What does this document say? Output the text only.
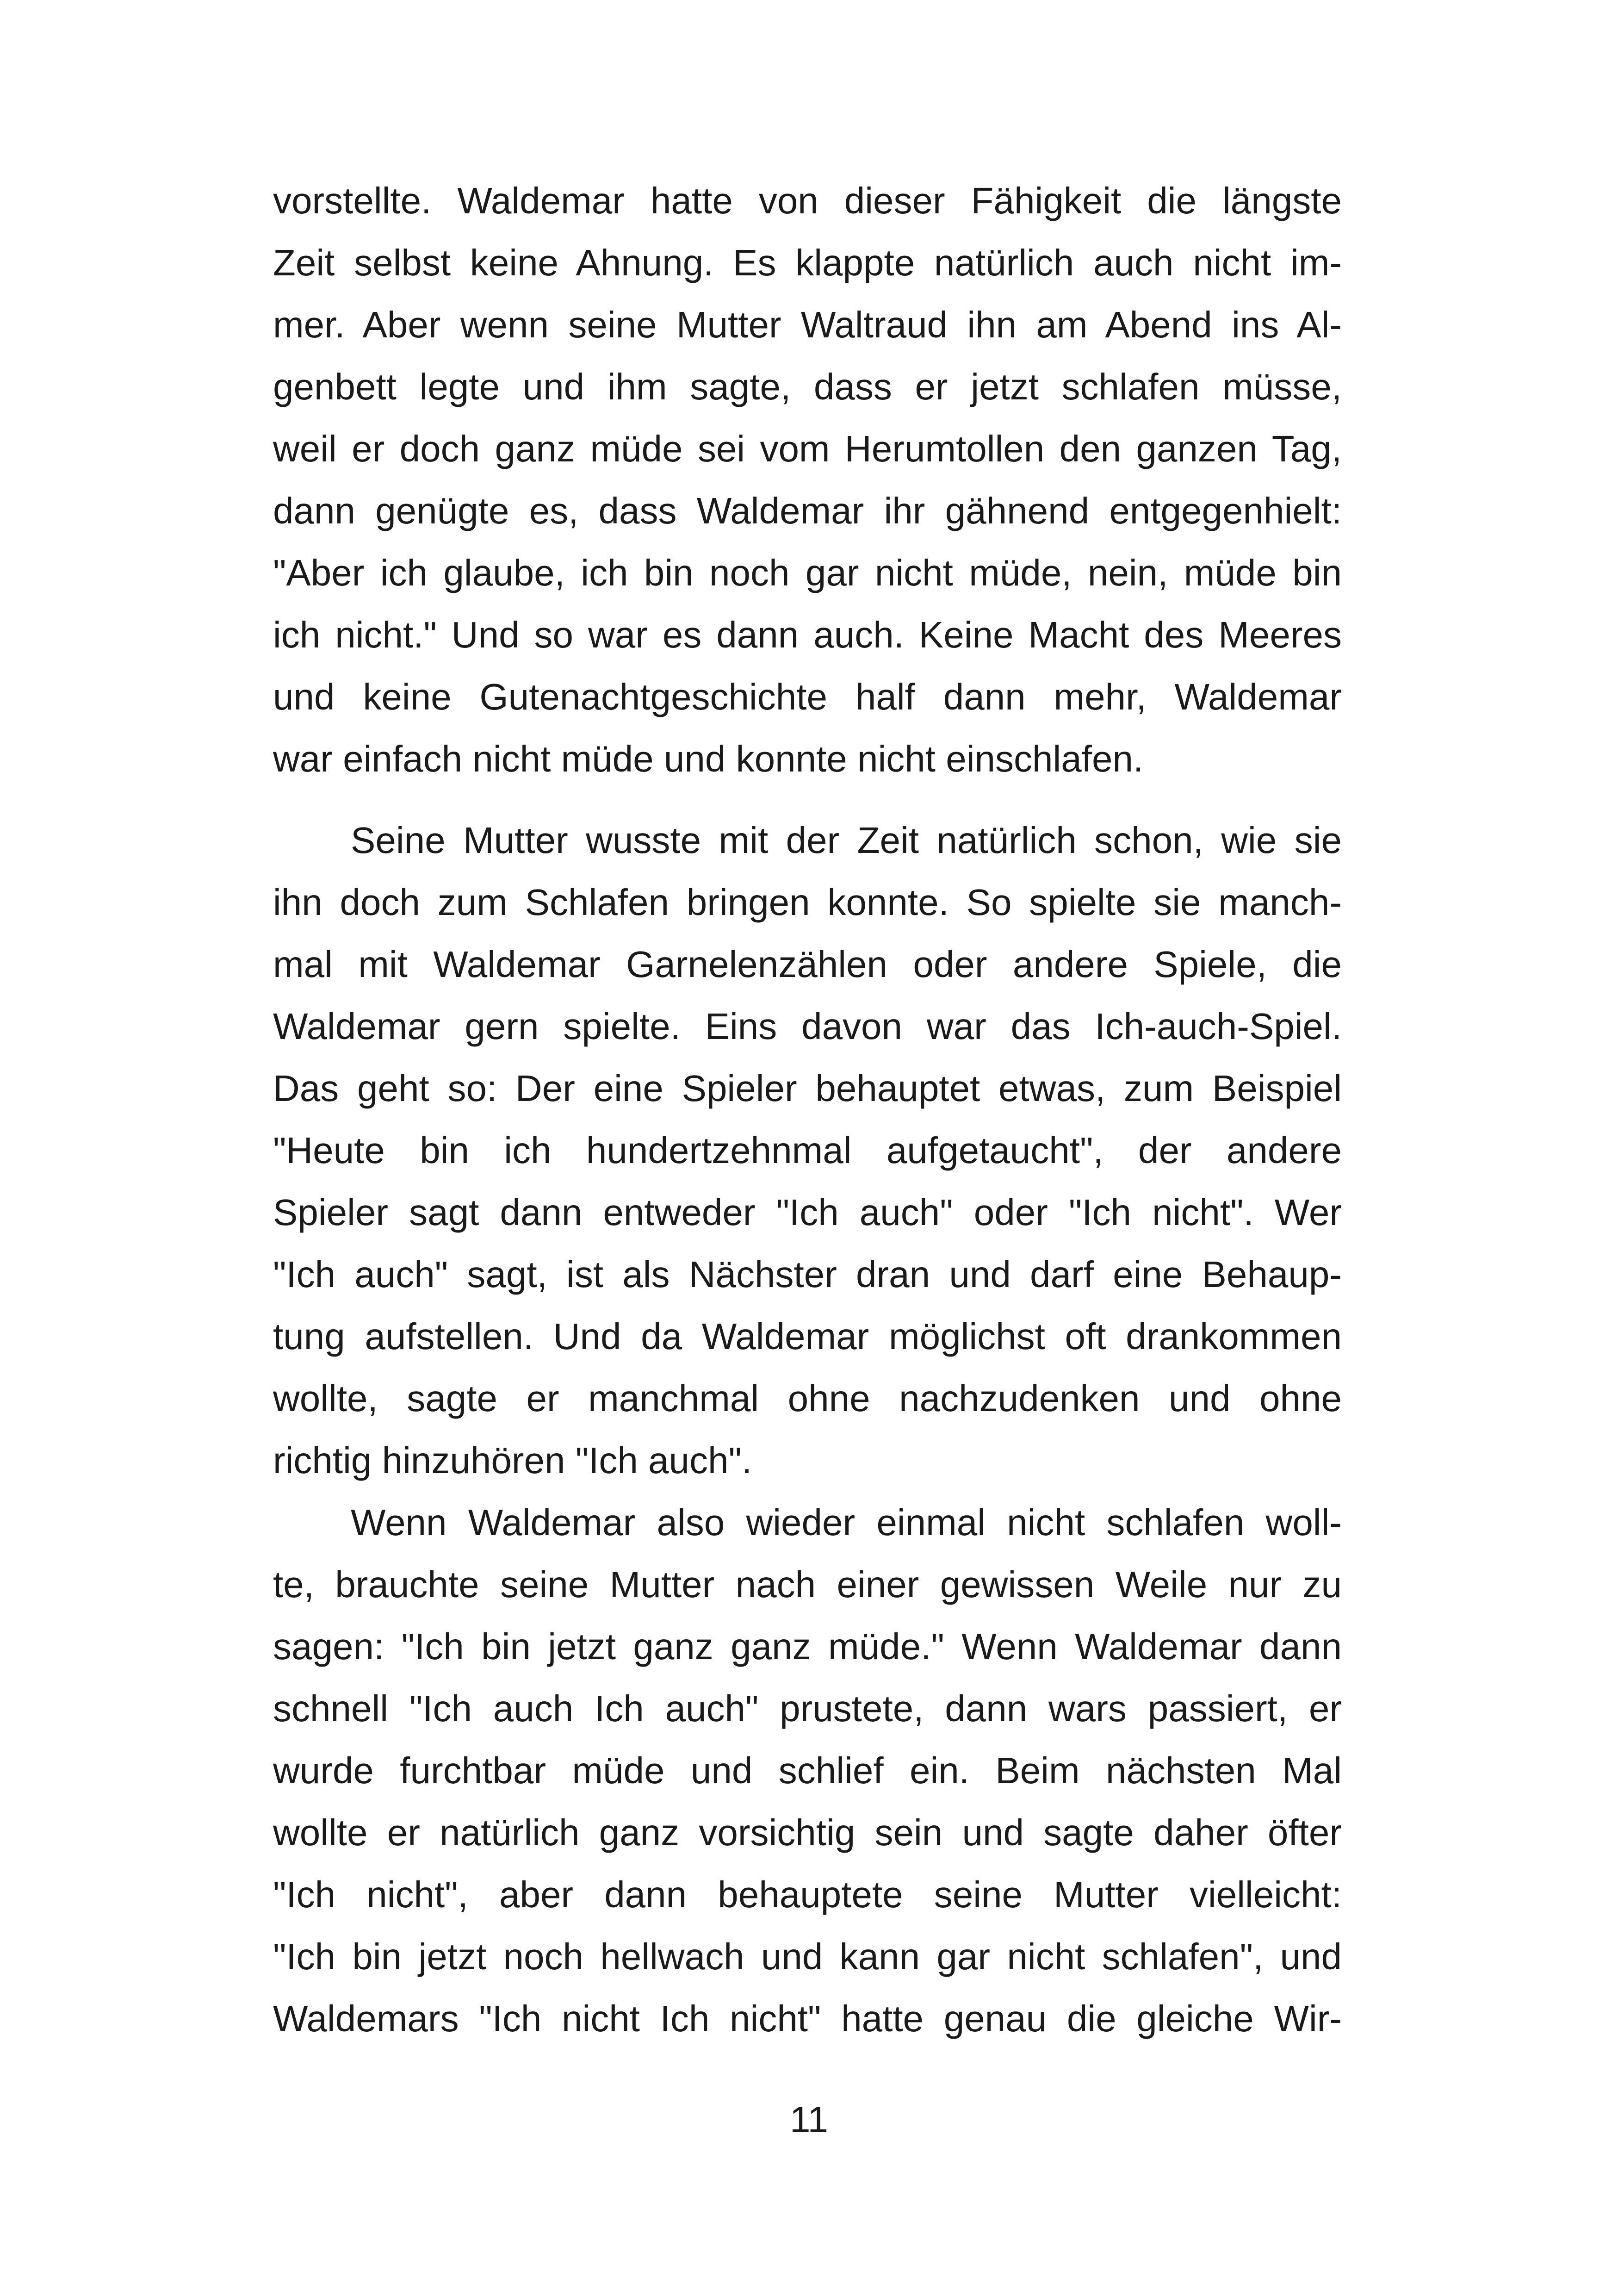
vorstellte. Waldemar hatte von dieser Fähigkeit die längste
Zeit selbst keine Ahnung. Es klappte natürlich auch nicht im-
mer. Aber wenn seine Mutter Waltraud ihn am Abend ins Al-
genbett legte und ihm sagte, dass er jetzt schlafen müsse,
weil er doch ganz müde sei vom Herumtollen den ganzen Tag,
dann genügte es, dass Waldemar ihr gähnend entgegenhielt:
"Aber ich glaube, ich bin noch gar nicht müde, nein, müde bin
ich nicht." Und so war es dann auch. Keine Macht des Meeres
und keine Gutenachtgeschichte half dann mehr, Waldemar
war einfach nicht müde und konnte nicht einschlafen.
Seine Mutter wusste mit der Zeit natürlich schon, wie sie
ihn doch zum Schlafen bringen konnte. So spielte sie manch-
mal mit Waldemar Garnelenzählen oder andere Spiele, die
Waldemar gern spielte. Eins davon war das Ich-auch-Spiel.
Das geht so: Der eine Spieler behauptet etwas, zum Beispiel
"Heute bin ich hundertzehnmal aufgetaucht", der andere
Spieler sagt dann entweder "Ich auch" oder "Ich nicht". Wer
"Ich auch" sagt, ist als Nächster dran und darf eine Behaup-
tung aufstellen. Und da Waldemar möglichst oft drankommen
wollte, sagte er manchmal ohne nachzudenken und ohne
richtig hinzuhören "Ich auch".
Wenn Waldemar also wieder einmal nicht schlafen woll-
te, brauchte seine Mutter nach einer gewissen Weile nur zu
sagen: "Ich bin jetzt ganz ganz müde." Wenn Waldemar dann
schnell "Ich auch Ich auch" prustete, dann wars passiert, er
wurde furchtbar müde und schlief ein. Beim nächsten Mal
wollte er natürlich ganz vorsichtig sein und sagte daher öfter
"Ich nicht", aber dann behauptete seine Mutter vielleicht:
"Ich bin jetzt noch hellwach und kann gar nicht schlafen", und
Waldemars "Ich nicht Ich nicht" hatte genau die gleiche Wir-
11
